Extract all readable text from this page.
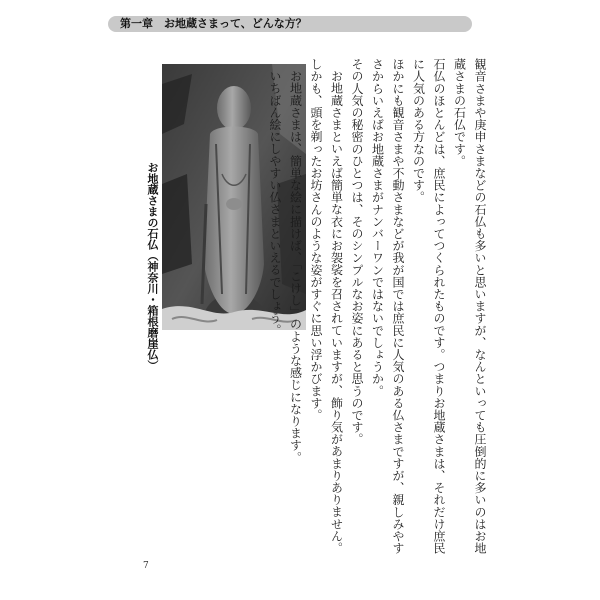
第一章　お地蔵さまって、どんな方？
お地蔵さまの石仏（神奈川・箱根磨崖仏）	観音さまや庚申さまなどの石仏も多いと思いますが、なんといっても圧倒的に多いのはお地蔵さまの石仏です。

石仏のほとんどは、庶民によってつくられたものです。つまりお地蔵さまは、それだけ庶民に人気のある方なのです。

ほかにも観音さまや不動さまなどが我が国では庶民に人気のある仏さまですが、親しみやすさからいえばお地蔵さまがナンバーワンではないでしょうか。

その人気の秘密のひとつは、そのシンプルなお姿にあると思うのです。

お地蔵さまといえば簡単な衣にお袈裟を召されていますが、飾り気があまりありません。しかも、頭を剃ったお坊さんのような姿がすぐに思い浮かびます。

お地蔵さまは、簡単な絵に描けば、「こけし」のような感じになります。

いちばん絵にしやすい仏さまといえるでしょう。

7
